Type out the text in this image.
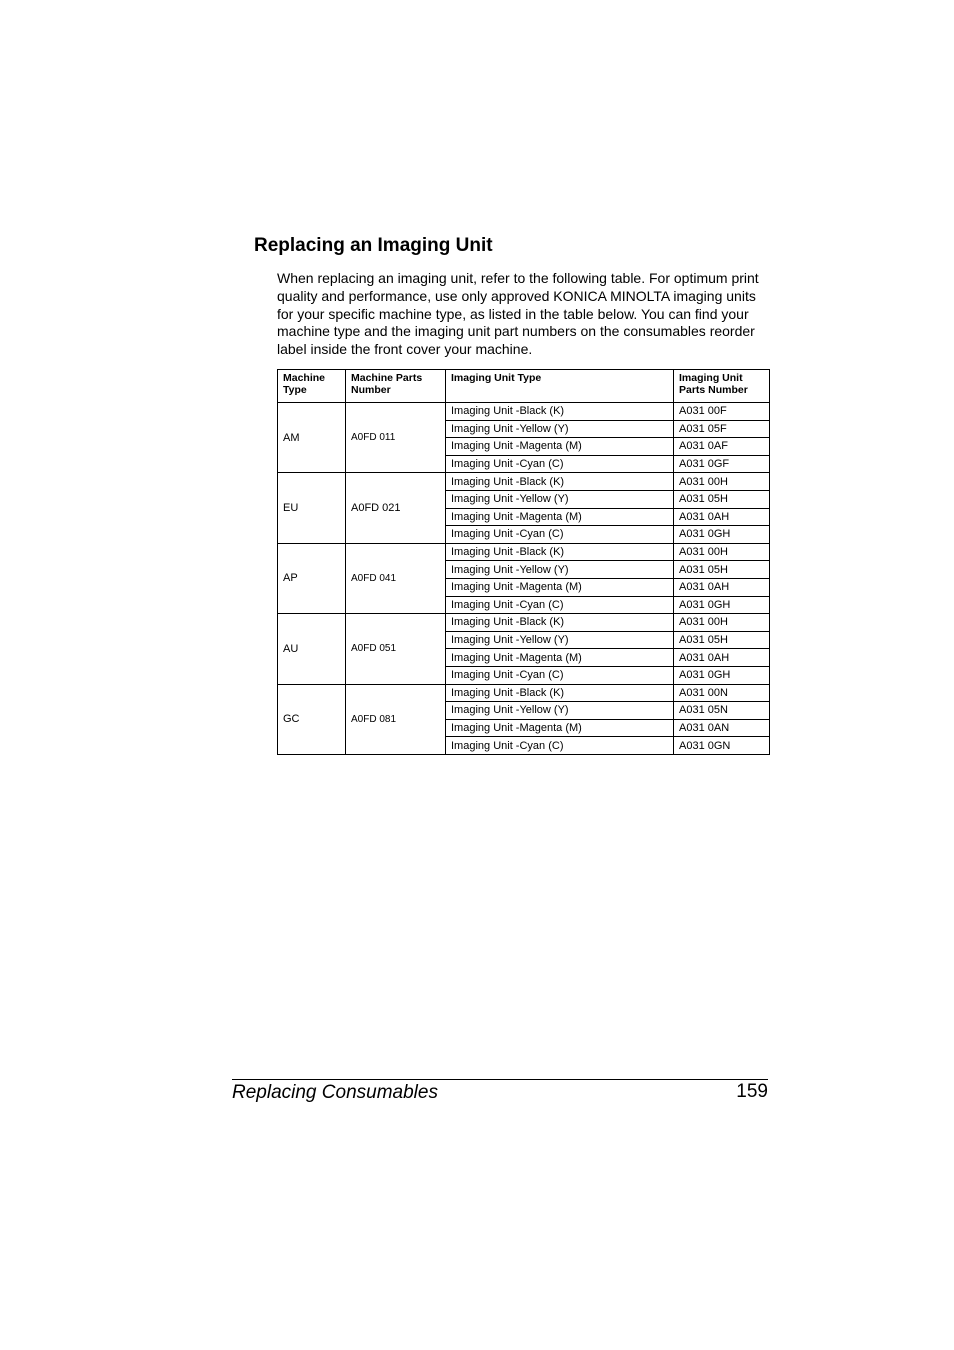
Replacing an Imaging Unit

When replacing an imaging unit, refer to the following table. For optimum print quality and performance, use only approved KONICA MINOLTA imaging units for your specific machine type, as listed in the table below. You can find your machine type and the imaging unit part numbers on the consumables reorder label inside the front cover your machine.

Machine Type	Machine Parts Number	Imaging Unit Type	Imaging Unit Parts Number
AM	A0FD 011	Imaging Unit -Black (K)	A031 00F
		Imaging Unit -Yellow (Y)	A031 05F
		Imaging Unit -Magenta (M)	A031 0AF
		Imaging Unit -Cyan (C)	A031 0GF
EU	A0FD 021	Imaging Unit -Black (K)	A031 00H
		Imaging Unit -Yellow (Y)	A031 05H
		Imaging Unit -Magenta (M)	A031 0AH
		Imaging Unit -Cyan (C)	A031 0GH
AP	A0FD 041	Imaging Unit -Black (K)	A031 00H
		Imaging Unit -Yellow (Y)	A031 05H
		Imaging Unit -Magenta (M)	A031 0AH
		Imaging Unit -Cyan (C)	A031 0GH
AU	A0FD 051	Imaging Unit -Black (K)	A031 00H
		Imaging Unit -Yellow (Y)	A031 05H
		Imaging Unit -Magenta (M)	A031 0AH
		Imaging Unit -Cyan (C)	A031 0GH
GC	A0FD 081	Imaging Unit -Black (K)	A031 00N
		Imaging Unit -Yellow (Y)	A031 05N
		Imaging Unit -Magenta (M)	A031 0AN
		Imaging Unit -Cyan (C)	A031 0GN
Replacing Consumables	159
